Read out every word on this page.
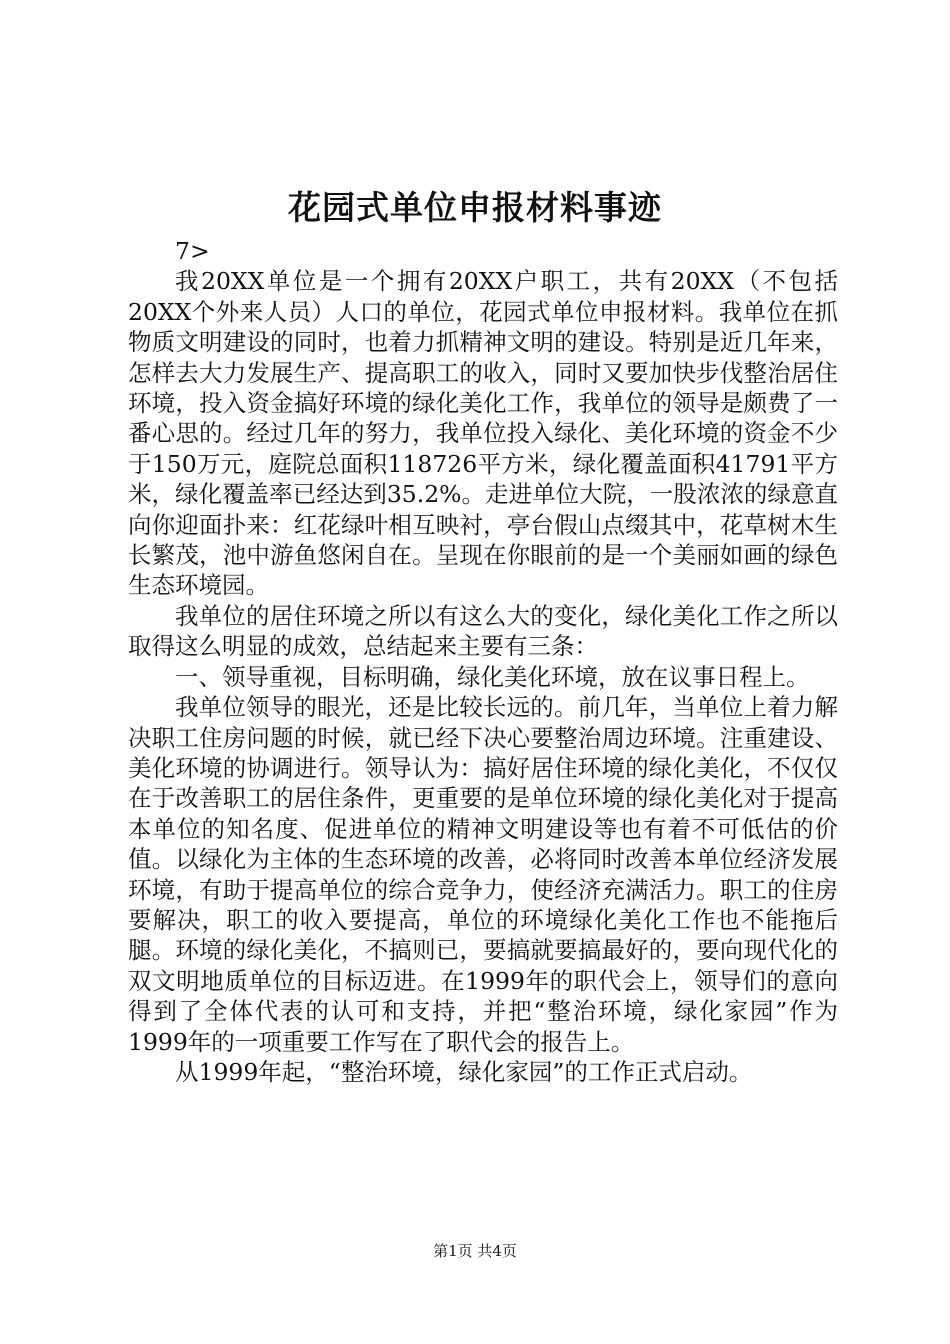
花园式单位申报材料事迹

7>

我20XX单位是一个拥有20XX户职工，共有20XX（不包括20XX个外来人员）人口的单位，花园式单位申报材料。我单位在抓物质文明建设的同时，也着力抓精神文明的建设。特别是近几年来，怎样去大力发展生产、提高职工的收入，同时又要加快步伐整治居住环境，投入资金搞好环境的绿化美化工作，我单位的领导是颇费了一番心思的。经过几年的努力，我单位投入绿化、美化环境的资金不少于150万元，庭院总面积118726平方米，绿化覆盖面积41791平方米，绿化覆盖率已经达到35.2%。走进单位大院，一股浓浓的绿意直向你迎面扑来：红花绿叶相互映衬，亭台假山点缀其中，花草树木生长繁茂，池中游鱼悠闲自在。呈现在你眼前的是一个美丽如画的绿色生态环境园。

我单位的居住环境之所以有这么大的变化，绿化美化工作之所以取得这么明显的成效，总结起来主要有三条：

一、领导重视，目标明确，绿化美化环境，放在议事日程上。

我单位领导的眼光，还是比较长远的。前几年，当单位上着力解决职工住房问题的时候，就已经下决心要整治周边环境。注重建设、美化环境的协调进行。领导认为：搞好居住环境的绿化美化，不仅仅在于改善职工的居住条件，更重要的是单位环境的绿化美化对于提高本单位的知名度、促进单位的精神文明建设等也有着不可低估的价值。以绿化为主体的生态环境的改善，必将同时改善本单位经济发展环境，有助于提高单位的综合竞争力，使经济充满活力。职工的住房要解决，职工的收入要提高，单位的环境绿化美化工作也不能拖后腿。环境的绿化美化，不搞则已，要搞就要搞最好的，要向现代化的双文明地质单位的目标迈进。在1999年的职代会上，领导们的意向得到了全体代表的认可和支持，并把“整治环境，绿化家园”作为1999年的一项重要工作写在了职代会的报告上。

从1999年起，“整治环境，绿化家园”的工作正式启动。

第1页 共4页
